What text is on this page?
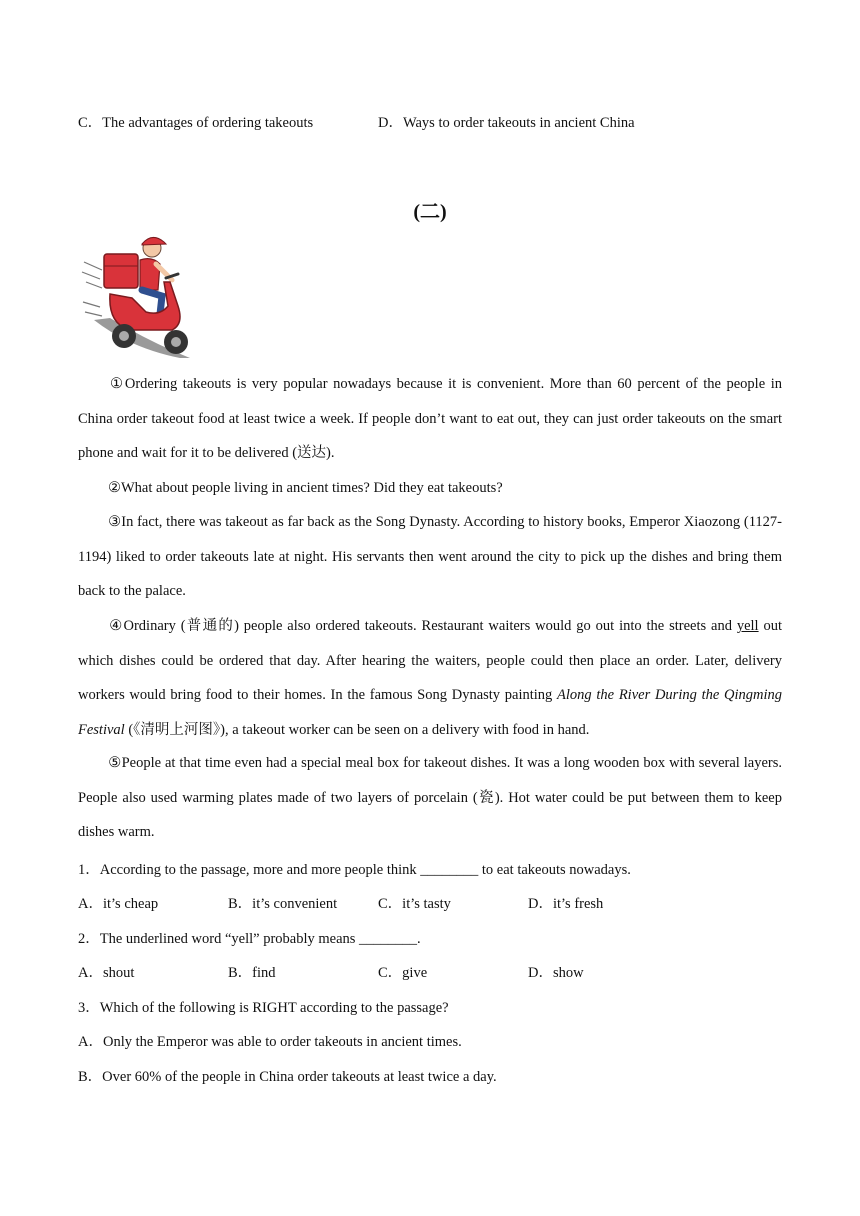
C．The advantages of ordering takeouts	D．Ways to order takeouts in ancient China
(二)
①Ordering takeouts is very popular nowadays because it is convenient. More than 60 percent of the people in China order takeout food at least twice a week. If people don’t want to eat out, they can just order takeouts on the smart phone and wait for it to be delivered (送达).
②What about people living in ancient times? Did they eat takeouts?
③In fact, there was takeout as far back as the Song Dynasty. According to history books, Emperor Xiaozong (1127-1194) liked to order takeouts late at night. His servants then went around the city to pick up the dishes and bring them back to the palace.
④Ordinary (普通的) people also ordered takeouts. Restaurant waiters would go out into the streets and yell out which dishes could be ordered that day. After hearing the waiters, people could then place an order. Later, delivery workers would bring food to their homes. In the famous Song Dynasty painting Along the River During the Qingming Festival (《清明上河图》), a takeout worker can be seen on a delivery with food in hand.
⑤People at that time even had a special meal box for takeout dishes. It was a long wooden box with several layers. People also used warming plates made of two layers of porcelain (瓷). Hot water could be put between them to keep dishes warm.
1．According to the passage, more and more people think ________ to eat takeouts nowadays.
A．it’s cheap	B．it’s convenient	C．it’s tasty	D．it’s fresh
2．The underlined word “yell” probably means ________.
A．shout	B．find	C．give	D．show
3．Which of the following is RIGHT according to the passage?
A．Only the Emperor was able to order takeouts in ancient times.
B．Over 60% of the people in China order takeouts at least twice a day.
